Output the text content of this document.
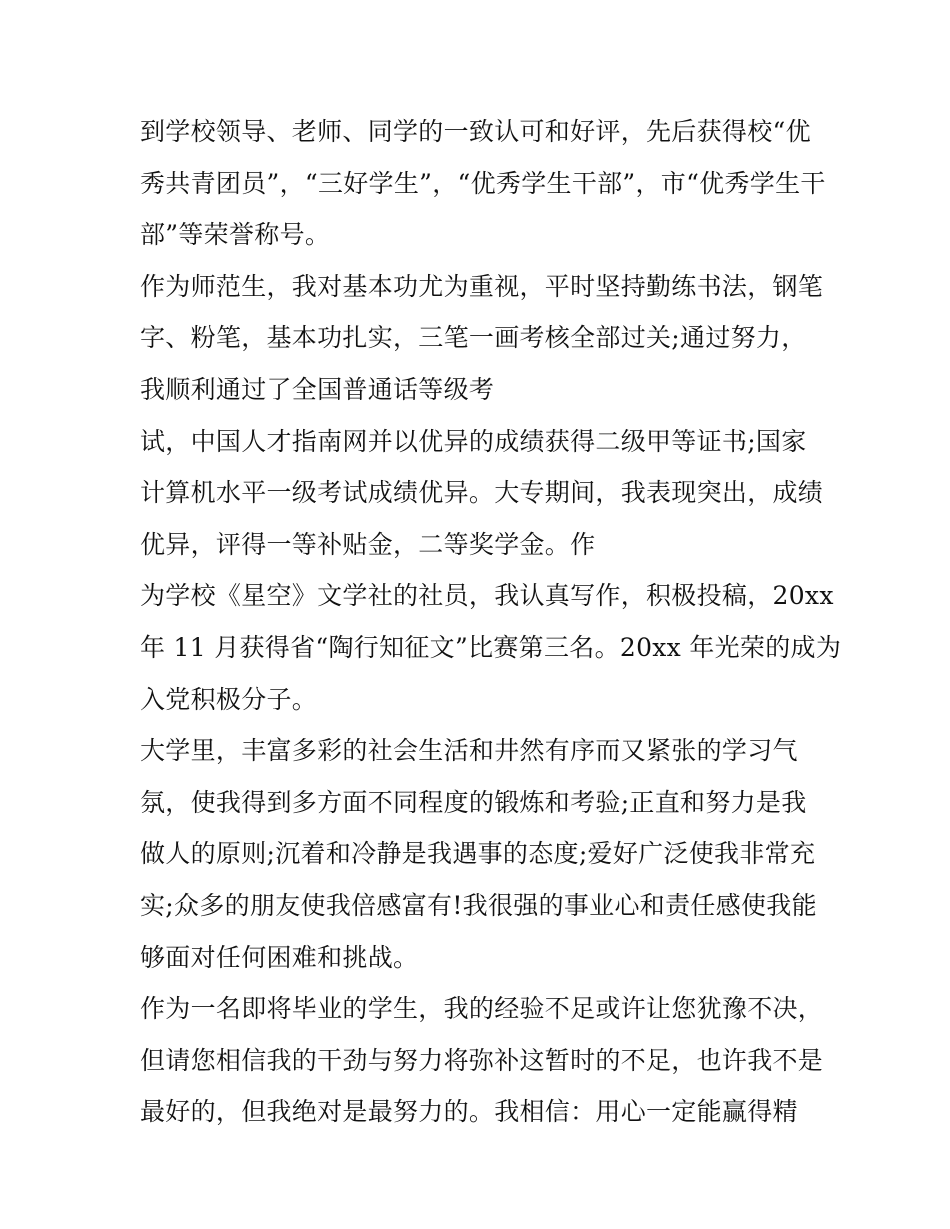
到学校领导、老师、同学的一致认可和好评，先后获得校“优
秀共青团员”，“三好学生”，“优秀学生干部”，市“优秀学生干
部”等荣誉称号。
作为师范生，我对基本功尤为重视，平时坚持勤练书法，钢笔
字、粉笔，基本功扎实，三笔一画考核全部过关;通过努力，
我顺利通过了全国普通话等级考
试，中国人才指南网并以优异的成绩获得二级甲等证书;国家
计算机水平一级考试成绩优异。大专期间，我表现突出，成绩
优异，评得一等补贴金，二等奖学金。作
为学校《星空》文学社的社员，我认真写作，积极投稿，20xx
年 11 月获得省“陶行知征文”比赛第三名。20xx 年光荣的成为
入党积极分子。
大学里，丰富多彩的社会生活和井然有序而又紧张的学习气
氛，使我得到多方面不同程度的锻炼和考验;正直和努力是我
做人的原则;沉着和冷静是我遇事的态度;爱好广泛使我非常充
实;众多的朋友使我倍感富有!我很强的事业心和责任感使我能
够面对任何困难和挑战。
作为一名即将毕业的学生，我的经验不足或许让您犹豫不决，
但请您相信我的干劲与努力将弥补这暂时的不足，也许我不是
最好的，但我绝对是最努力的。我相信：用心一定能赢得精
